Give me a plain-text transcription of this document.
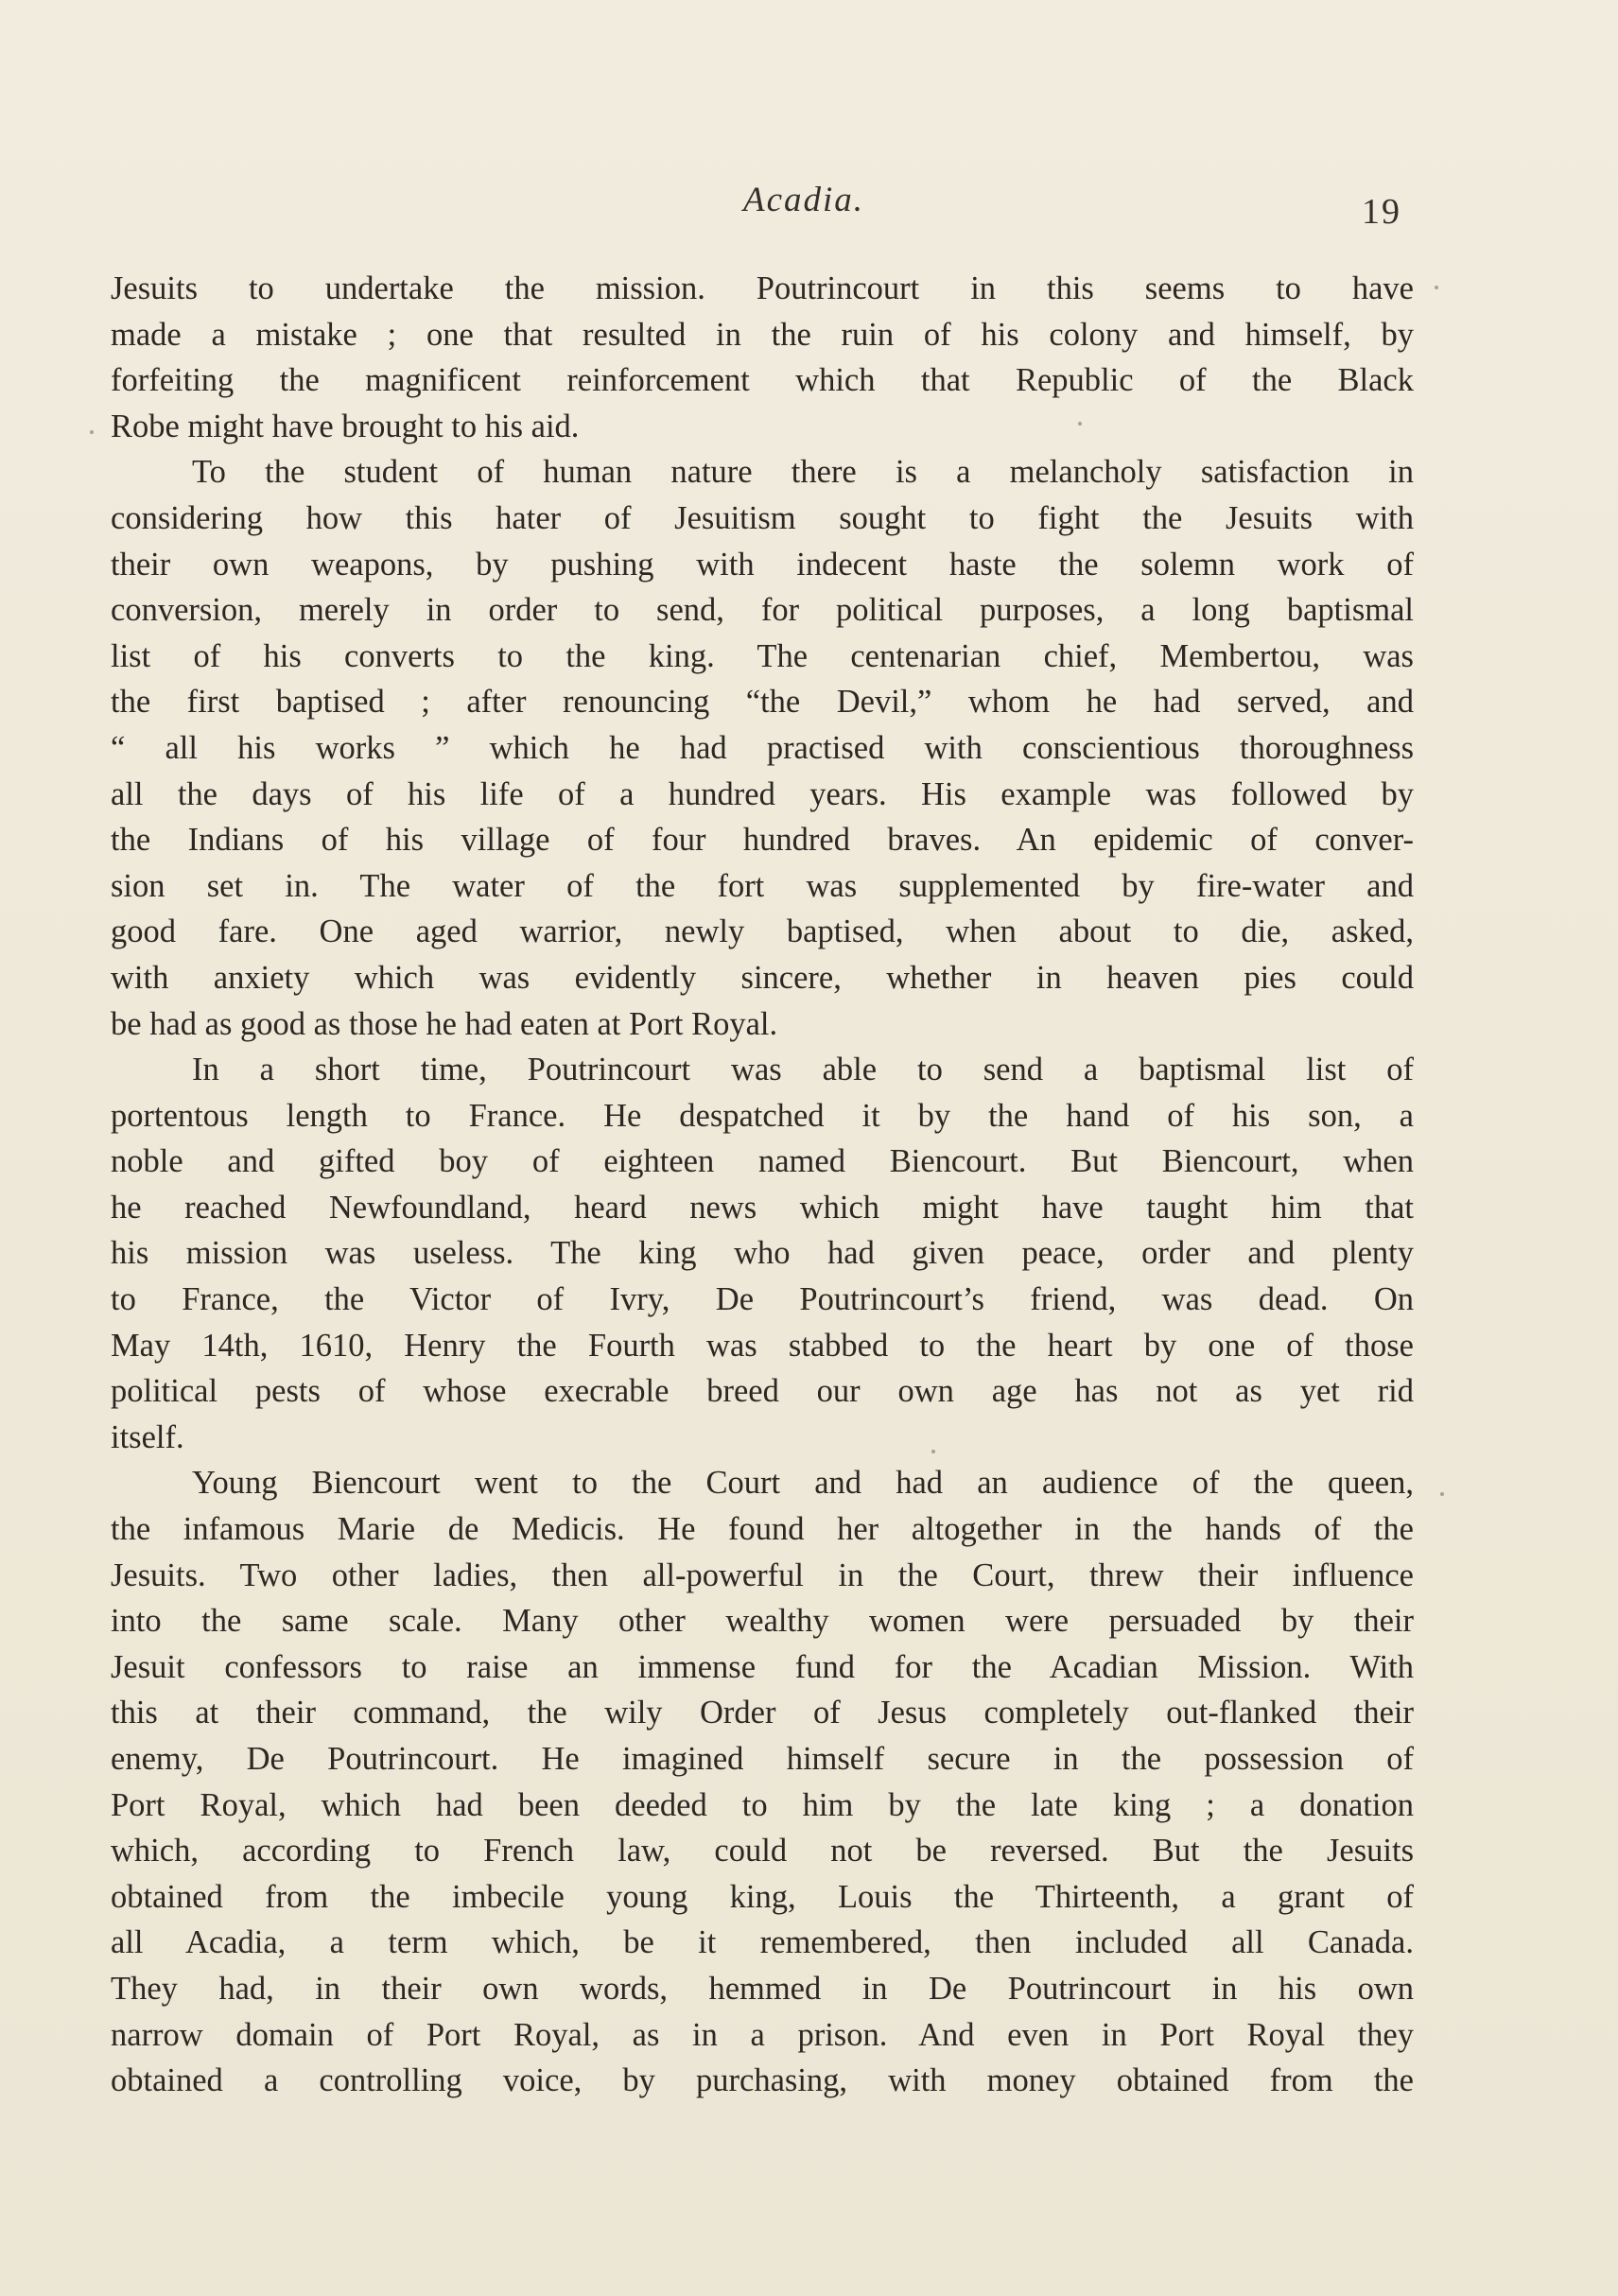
Acadia.	19
Jesuits to undertake the mission. Poutrincourt in this seems to have
made a mistake ; one that resulted in the ruin of his colony and himself, by
forfeiting the magnificent reinforcement which that Republic of the Black
Robe might have brought to his aid.
To the student of human nature there is a melancholy satisfaction in
considering how this hater of Jesuitism sought to fight the Jesuits with
their own weapons, by pushing with indecent haste the solemn work of
conversion, merely in order to send, for political purposes, a long baptismal
list of his converts to the king. The centenarian chief, Membertou, was
the first baptised ; after renouncing “the Devil,” whom he had served, and
“ all his works ” which he had practised with conscientious thoroughness
all the days of his life of a hundred years. His example was followed by
the Indians of his village of four hundred braves. An epidemic of conver-
sion set in. The water of the fort was supplemented by fire-water and
good fare. One aged warrior, newly baptised, when about to die, asked,
with anxiety which was evidently sincere, whether in heaven pies could
be had as good as those he had eaten at Port Royal.
In a short time, Poutrincourt was able to send a baptismal list of
portentous length to France. He despatched it by the hand of his son, a
noble and gifted boy of eighteen named Biencourt. But Biencourt, when
he reached Newfoundland, heard news which might have taught him that
his mission was useless. The king who had given peace, order and plenty
to France, the Victor of Ivry, De Poutrincourt’s friend, was dead. On
May 14th, 1610, Henry the Fourth was stabbed to the heart by one of those
political pests of whose execrable breed our own age has not as yet rid
itself.
Young Biencourt went to the Court and had an audience of the queen,
the infamous Marie de Medicis. He found her altogether in the hands of the
Jesuits. Two other ladies, then all-powerful in the Court, threw their influence
into the same scale. Many other wealthy women were persuaded by their
Jesuit confessors to raise an immense fund for the Acadian Mission. With
this at their command, the wily Order of Jesus completely out-flanked their
enemy, De Poutrincourt. He imagined himself secure in the possession of
Port Royal, which had been deeded to him by the late king ; a donation
which, according to French law, could not be reversed. But the Jesuits
obtained from the imbecile young king, Louis the Thirteenth, a grant of
all Acadia, a term which, be it remembered, then included all Canada.
They had, in their own words, hemmed in De Poutrincourt in his own
narrow domain of Port Royal, as in a prison. And even in Port Royal they
obtained a controlling voice, by purchasing, with money obtained from the
